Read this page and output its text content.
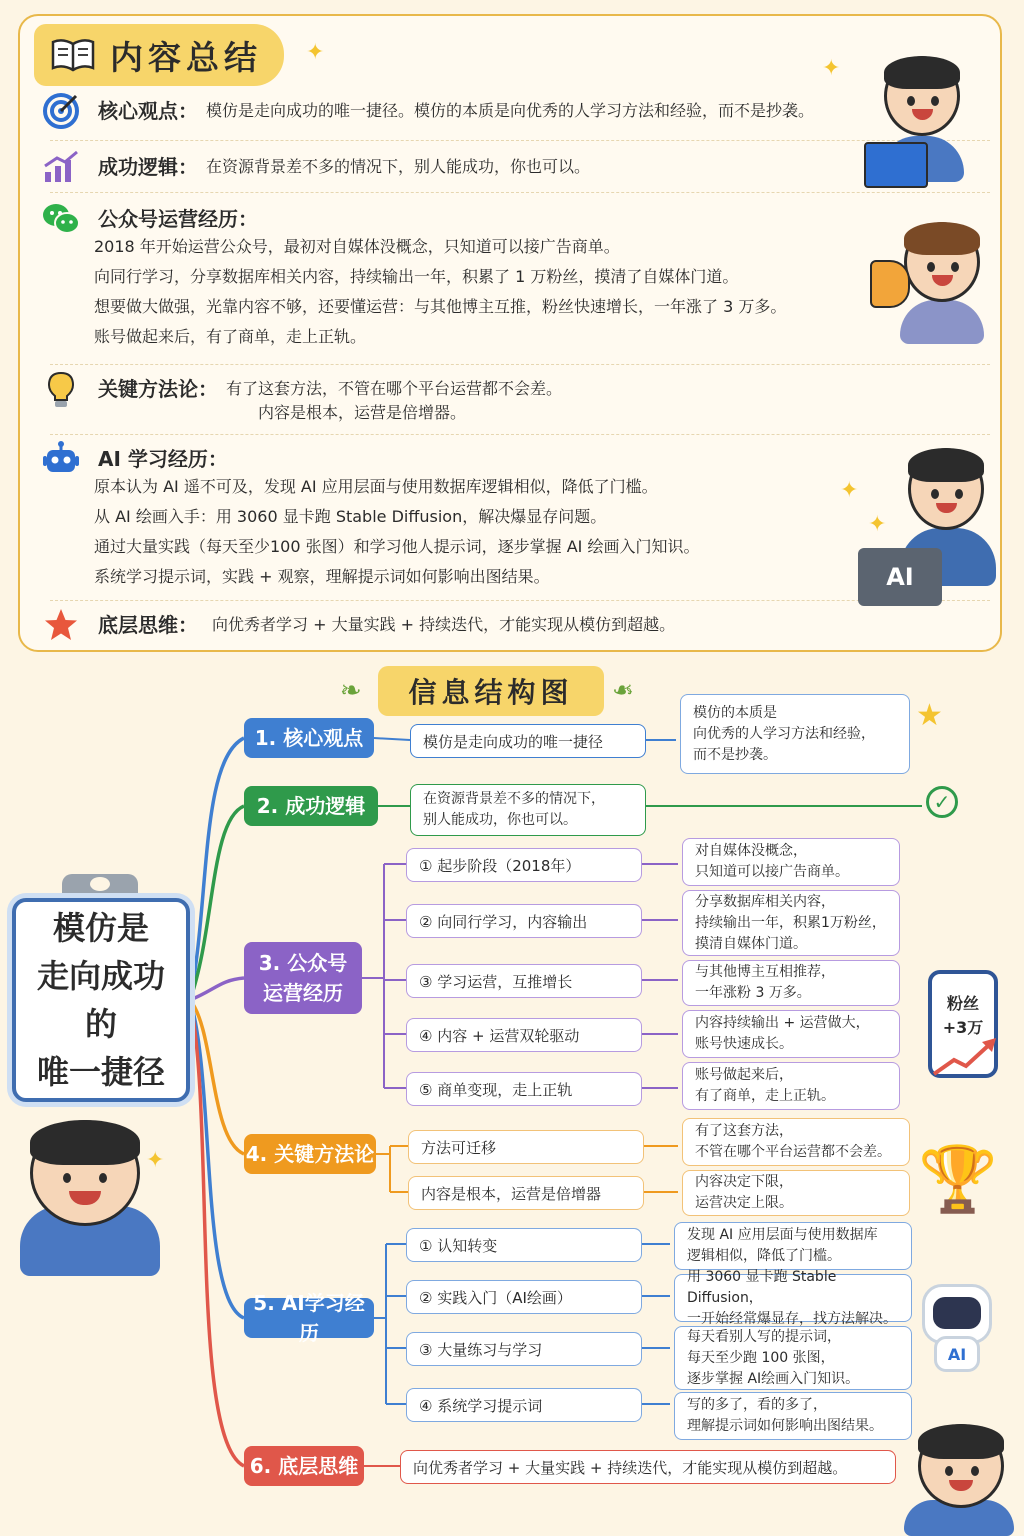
内容总结 ✦
✦
核心观点： 模仿是走向成功的唯一捷径。模仿的本质是向优秀的人学习方法和经验，而不是抄袭。
成功逻辑： 在资源背景差不多的情况下，别人能成功，你也可以。
公众号运营经历：
2018 年开始运营公众号，最初对自媒体没概念，只知道可以接广告商单。
向同行学习，分享数据库相关内容，持续输出一年，积累了 1 万粉丝，摸清了自媒体门道。
想要做大做强，光靠内容不够，还要懂运营：与其他博主互推，粉丝快速增长，一年涨了 3 万多。
账号做起来后，有了商单，走上正轨。
关键方法论： 有了这套方法，不管在哪个平台运营都不会差。
内容是根本，运营是倍增器。
AI 学习经历：
原本认为 AI 遥不可及，发现 AI 应用层面与使用数据库逻辑相似，降低了门槛。
从 AI 绘画入手：用 3060 显卡跑 Stable Diffusion，解决爆显存问题。
通过大量实践（每天至少100 张图）和学习他人提示词，逐步掌握 AI 绘画入门知识。
系统学习提示词，实践 + 观察，理解提示词如何影响出图结果。
底层思维： 向优秀者学习 + 大量实践 + 持续迭代，才能实现从模仿到超越。
AI
✦
✦
❧	信息结构图	❧
模仿是
走向成功的
唯一捷径
1. 核心观点
2. 成功逻辑
3. 公众号
运营经历
4. 关键方法论
5. AI学习经历
6. 底层思维
模仿是走向成功的唯一捷径
模仿的本质是
向优秀的人学习方法和经验，
而不是抄袭。
★
在资源背景差不多的情况下，
别人能成功，你也可以。
✓
① 起步阶段（2018年）
② 向同行学习，内容输出
③ 学习运营，互推增长
④ 内容 + 运营双轮驱动
⑤ 商单变现，走上正轨
对自媒体没概念，
只知道可以接广告商单。
分享数据库相关内容，
持续输出一年，积累1万粉丝，
摸清自媒体门道。
与其他博主互相推荐，
一年涨粉 3 万多。
内容持续输出 + 运营做大，
账号快速成长。
账号做起来后，
有了商单，走上正轨。
粉丝
+3万
方法可迁移
内容是根本，运营是倍增器
有了这套方法，
不管在哪个平台运营都不会差。
内容决定下限，
运营决定上限。 🏆
① 认知转变
② 实践入门（AI绘画）
③ 大量练习与学习
④ 系统学习提示词
发现 AI 应用层面与使用数据库
逻辑相似，降低了门槛。
用 3060 显卡跑 Stable Diffusion，
一开始经常爆显存，找方法解决。
每天看别人写的提示词，
每天至少跑 100 张图，
逐步掌握 AI绘画入门知识。
写的多了，看的多了，
理解提示词如何影响出图结果。
AI
向优秀者学习 + 大量实践 + 持续迭代，才能实现从模仿到超越。
✦
